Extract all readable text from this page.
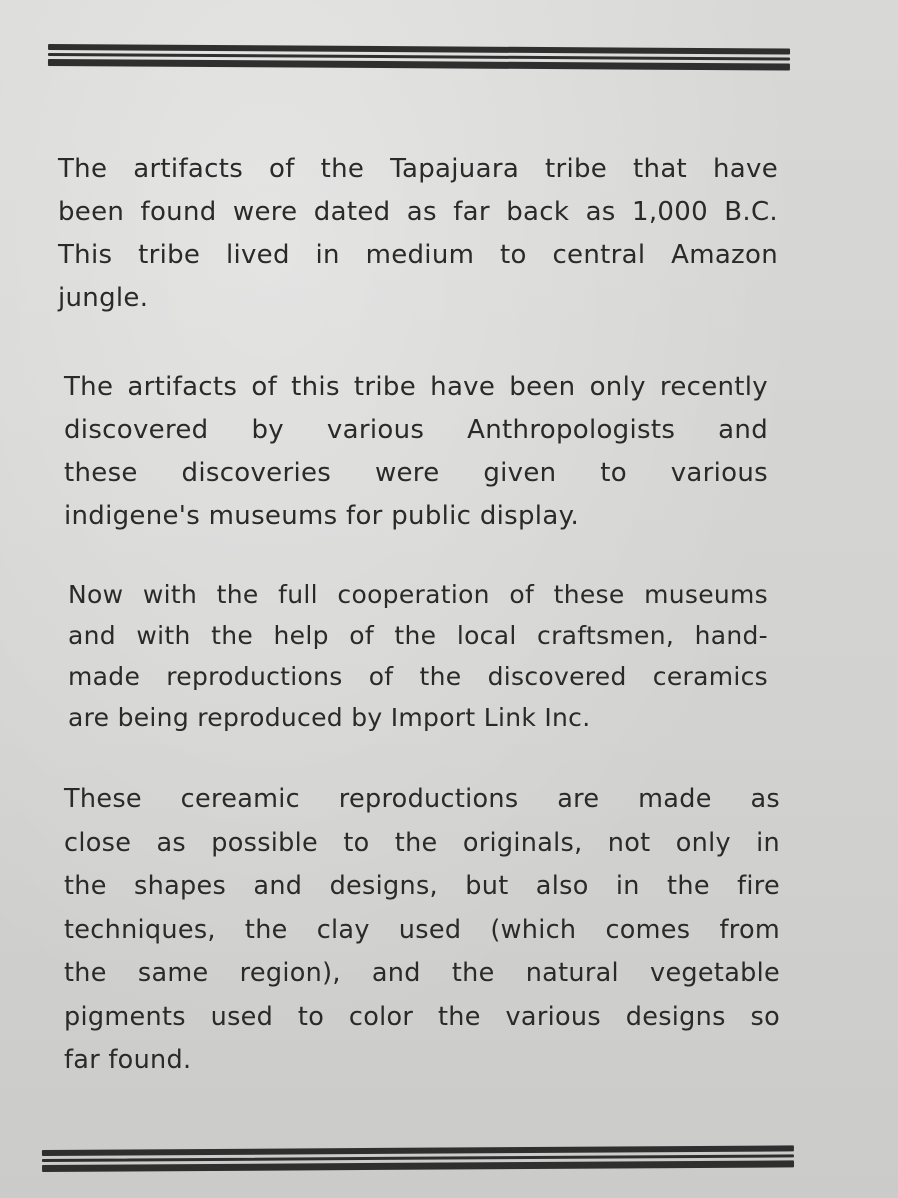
The artifacts of the Tapajuara tribe that have
been found were dated as far back as 1,000 B.C.
This tribe lived in medium to central Amazon
jungle.

The artifacts of this tribe have been only recently
discovered by various Anthropologists and
these discoveries were given to various
indigene's museums for public display.

Now with the full cooperation of these museums
and with the help of the local craftsmen, hand-
made reproductions of the discovered ceramics
are being reproduced by Import Link Inc.

These cereamic reproductions are made as
close as possible to the originals, not only in
the shapes and designs, but also in the fire
techniques, the clay used (which comes from
the same region), and the natural vegetable
pigments used to color the various designs so
far found.
